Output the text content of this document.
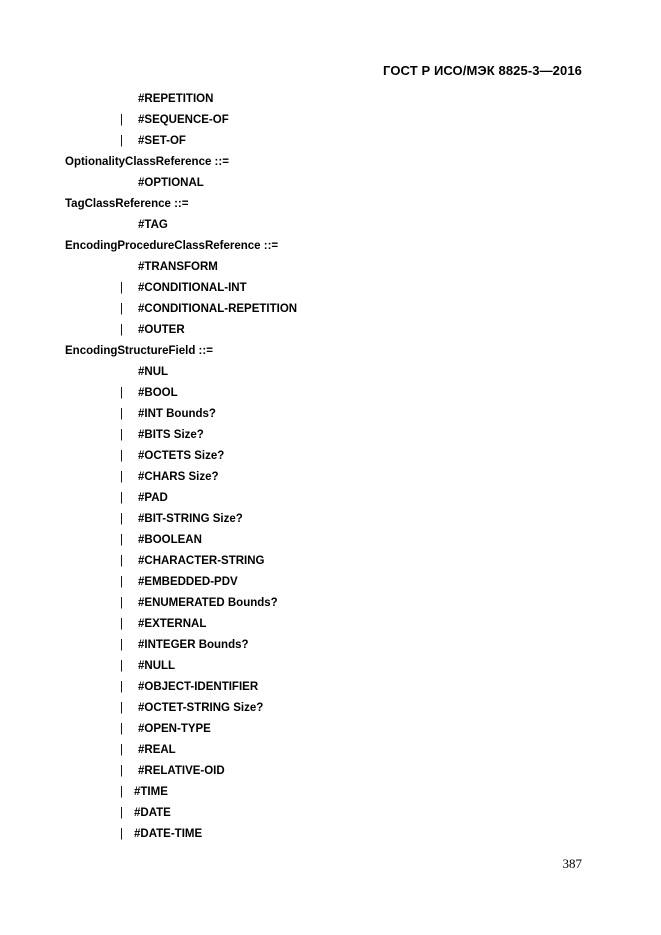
ГОСТ Р ИСО/МЭК 8825-3—2016
#REPETITION
| #SEQUENCE-OF
| #SET-OF
OptionalityClassReference ::=
#OPTIONAL
TagClassReference ::=
#TAG
EncodingProcedureClassReference ::=
#TRANSFORM
| #CONDITIONAL-INT
| #CONDITIONAL-REPETITION
| #OUTER
EncodingStructureField ::=
#NUL
| #BOOL
| #INT Bounds?
| #BITS Size?
| #OCTETS Size?
| #CHARS Size?
| #PAD
| #BIT-STRING Size?
| #BOOLEAN
| #CHARACTER-STRING
| #EMBEDDED-PDV
| #ENUMERATED Bounds?
| #EXTERNAL
| #INTEGER Bounds?
| #NULL
| #OBJECT-IDENTIFIER
| #OCTET-STRING Size?
| #OPEN-TYPE
| #REAL
| #RELATIVE-OID
| #TIME
| #DATE
| #DATE-TIME
387
